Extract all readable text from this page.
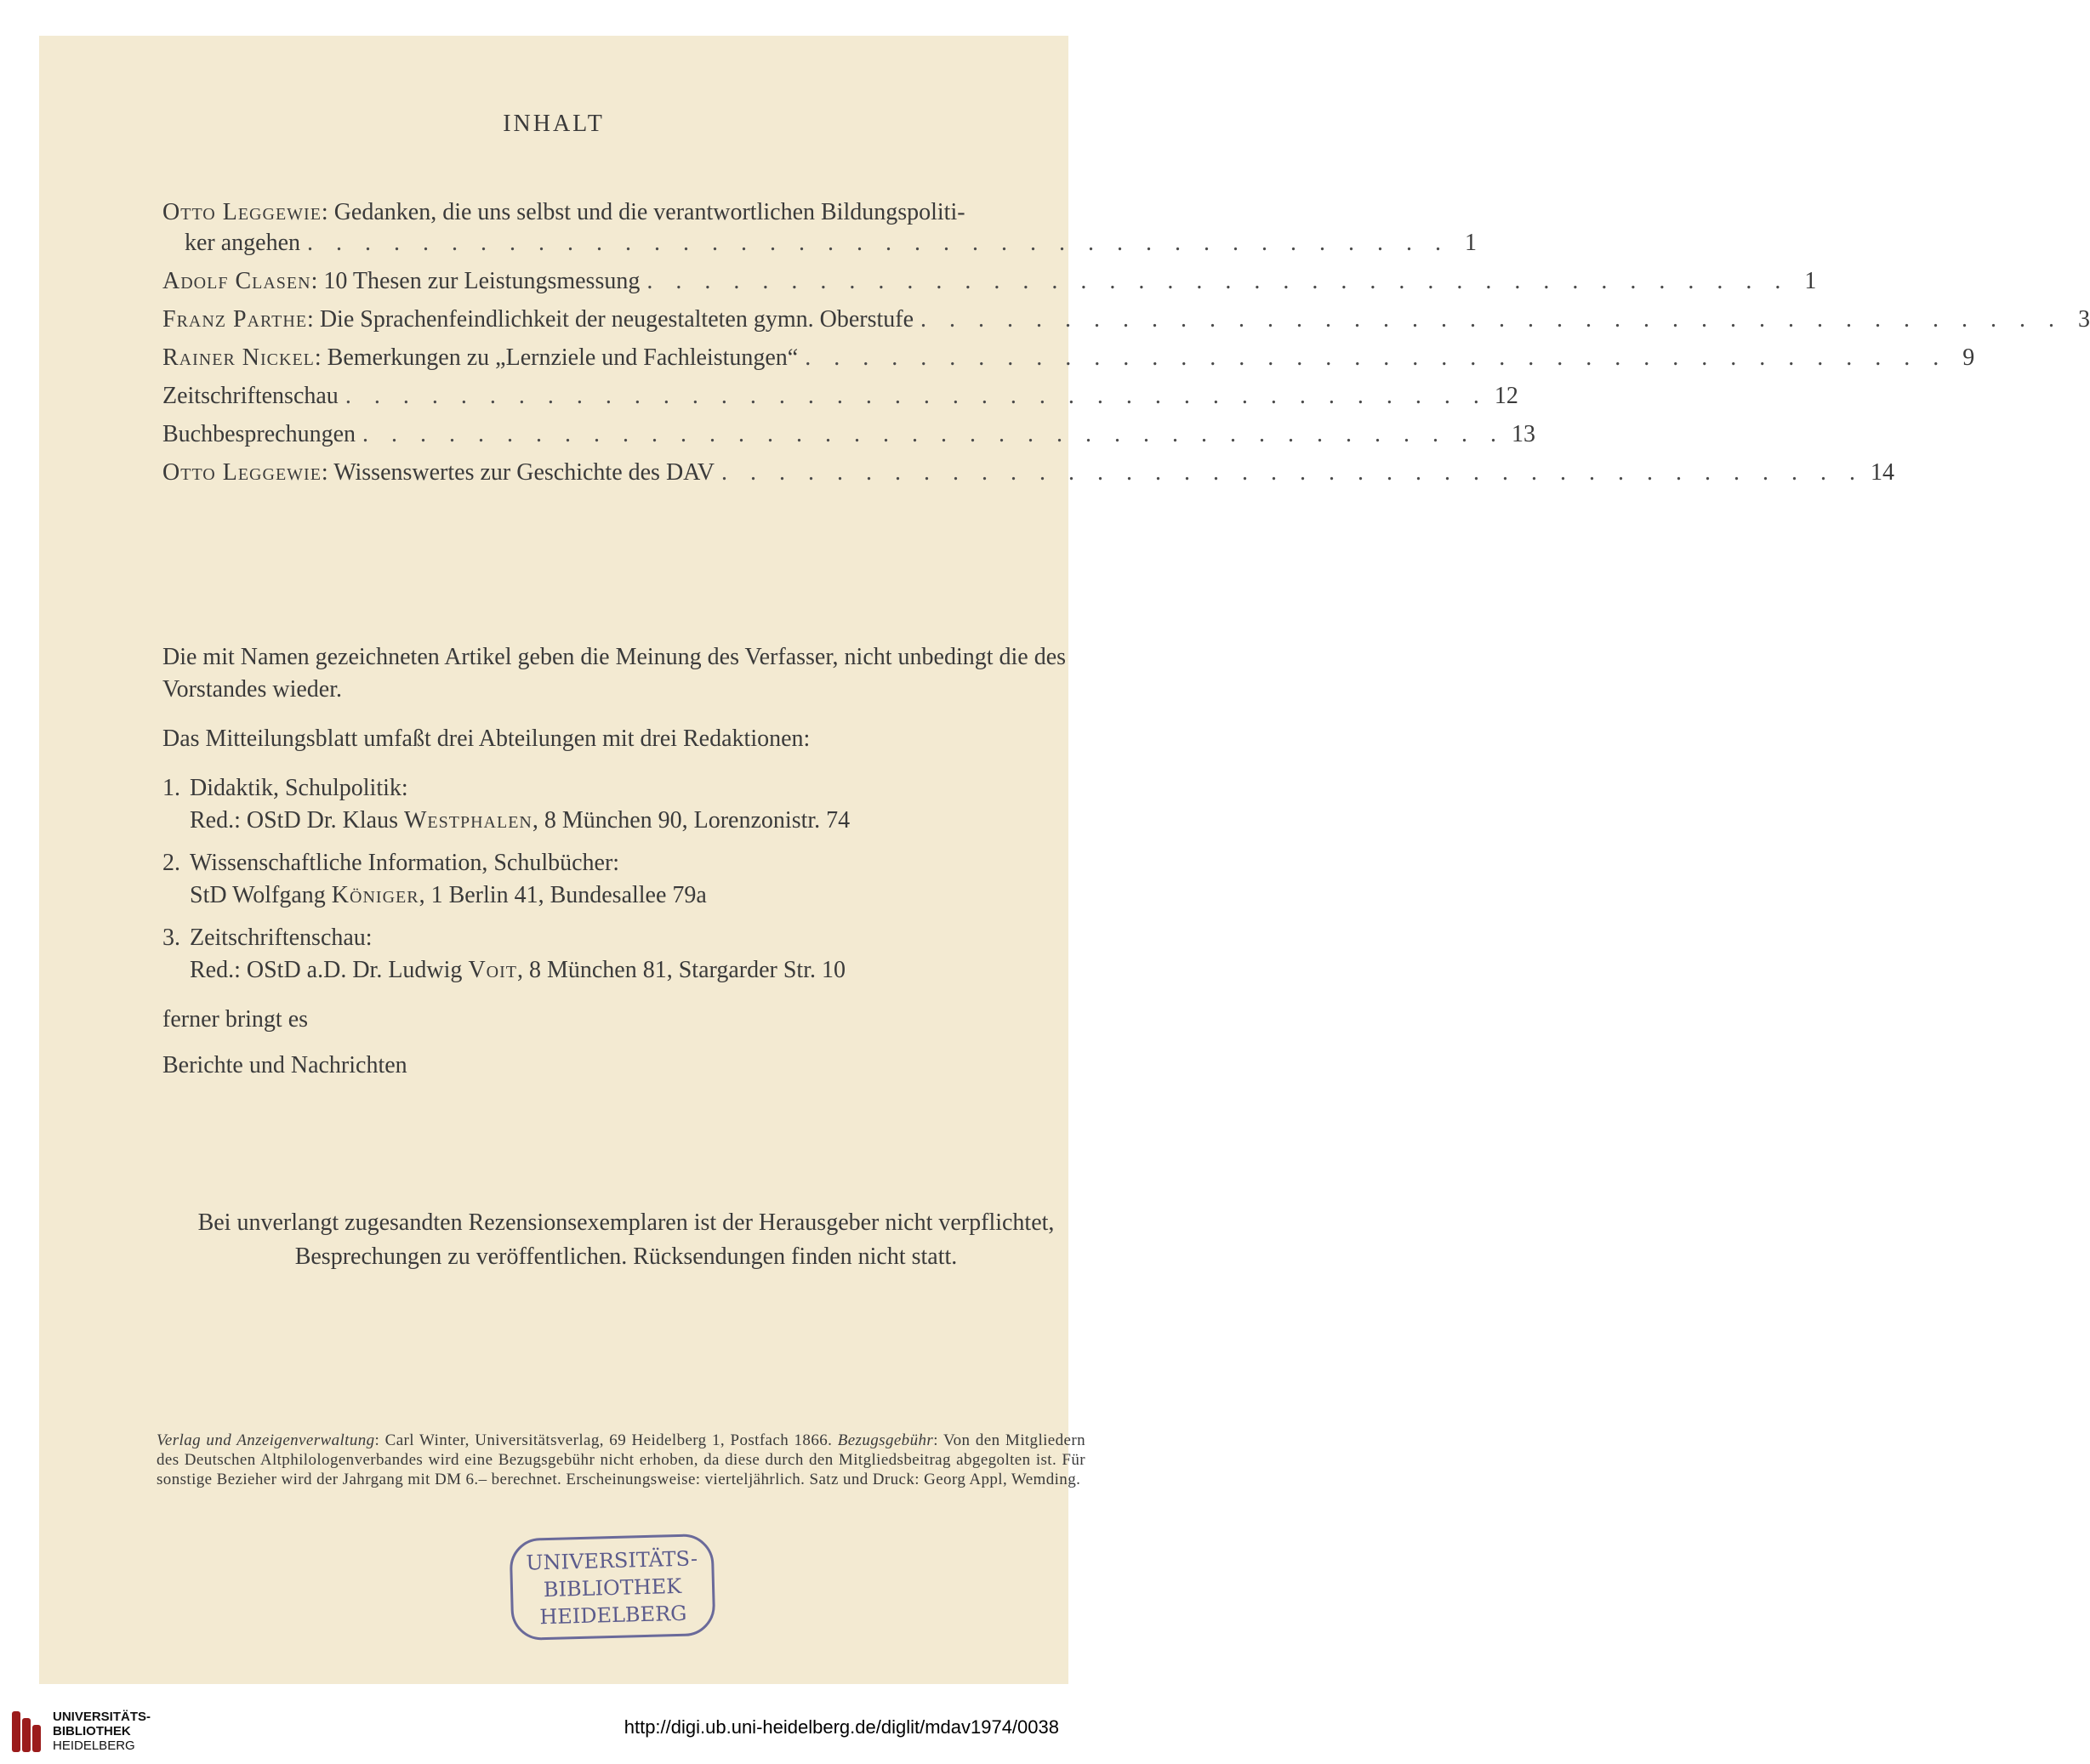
INHALT
Otto Leggewie: Gedanken, die uns selbst und die verantwortlichen Bildungspoliti-
ker angehen . . . . . . . . . . . . . . . . . . . . . . . . . . . . . . . . . . . . . . . . 1
Adolf Clasen: 10 Thesen zur Leistungsmessung . . . . . . . . . . . . . . . . . . . . . . . . . . . . . . . . . . . . . . . . 1
Franz Parthe: Die Sprachenfeindlichkeit der neugestalteten gymn. Oberstufe . . . . . . . . . . . . . . . . . . . . . . . . . . . . . . . . . . . . . . . . 3
Rainer Nickel: Bemerkungen zu „Lernziele und Fachleistungen“ . . . . . . . . . . . . . . . . . . . . . . . . . . . . . . . . . . . . . . . . 9
Zeitschriftenschau . . . . . . . . . . . . . . . . . . . . . . . . . . . . . . . . . . . . . . . . 12
Buchbesprechungen . . . . . . . . . . . . . . . . . . . . . . . . . . . . . . . . . . . . . . . . 13
Otto Leggewie: Wissenswertes zur Geschichte des DAV . . . . . . . . . . . . . . . . . . . . . . . . . . . . . . . . . . . . . . . . 14

Die mit Namen gezeichneten Artikel geben die Meinung des Verfasser, nicht unbedingt die des Vorstandes wieder.

Das Mitteilungsblatt umfaßt drei Abteilungen mit drei Redaktionen:

1. Didaktik, Schulpolitik:
Red.: OStD Dr. Klaus Westphalen, 8 München 90, Lorenzonistr. 74
2. Wissenschaftliche Information, Schulbücher:
StD Wolfgang Königer, 1 Berlin 41, Bundesallee 79a
3. Zeitschriftenschau:
Red.: OStD a.D. Dr. Ludwig Voit, 8 München 81, Stargarder Str. 10

ferner bringt es

Berichte und Nachrichten

Bei unverlangt zugesandten Rezensionsexemplaren ist der Herausgeber nicht verpflichtet,
Besprechungen zu veröffentlichen. Rücksendungen finden nicht statt.
Verlag und Anzeigenverwaltung: Carl Winter, Universitätsverlag, 69 Heidelberg 1, Postfach 1866. Bezugsgebühr: Von den Mitgliedern des Deutschen Altphilologenverbandes wird eine Bezugsgebühr nicht erhoben, da diese durch den Mitgliedsbeitrag abgegolten ist. Für sonstige Bezieher wird der Jahrgang mit DM 6.– berechnet. Erscheinungsweise: vierteljährlich. Satz und Druck: Georg Appl, Wemding.
UNIVERSITÄTS-
BIBLIOTHEK
HEIDELBERG
UNIVERSITÄTS-
BIBLIOTHEK
HEIDELBERG
http://digi.ub.uni-heidelberg.de/diglit/mdav1974/0038
